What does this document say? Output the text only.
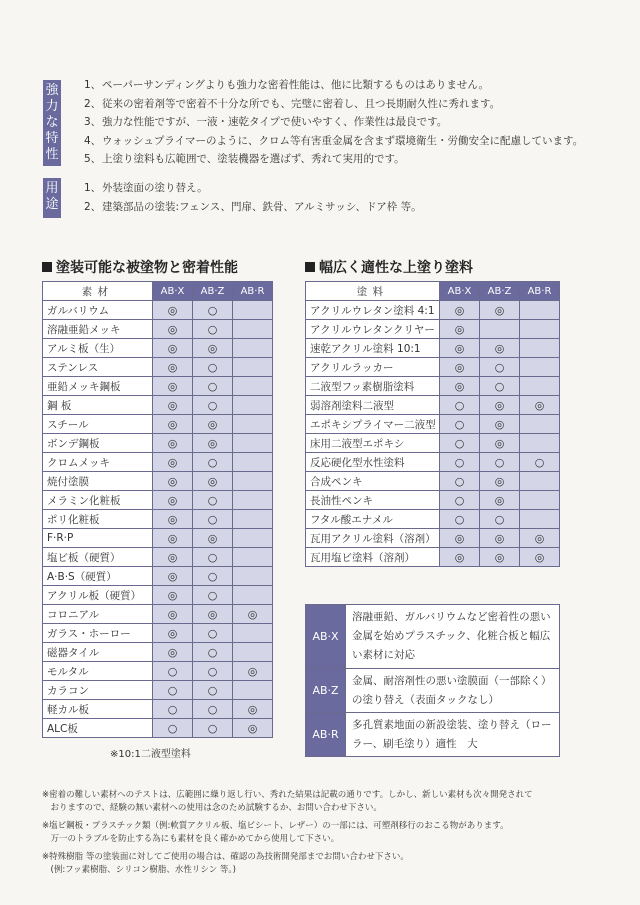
強力な特性
1、ペーパーサンディングよりも強力な密着性能は、他に比類するものはありません。
2、従来の密着剤等で密着不十分な所でも、完璧に密着し、且つ長期耐久性に秀れます。
3、強力な性能ですが、一液・速乾タイプで使いやすく、作業性は最良です。
4、ウォッシュプライマーのように、クロム等有害重金属を含まず環境衛生・労働安全に配慮しています。
5、上塗り塗料も広範囲で、塗装機器を選ばず、秀れて実用的です。
用途
1、外装塗面の塗り替え。
2、建築部品の塗装:フェンス、門扉、鉄骨、アルミサッシ、ドア枠 等。
塗装可能な被塗物と密着性能	幅広く適性な上塗り塗料
素材	AB·X	AB·Z	AB·R
ガルバリウム	◎	○	
溶融亜鉛メッキ	◎	○	
アルミ板（生）	◎	◎	
ステンレス	◎	○	
亜鉛メッキ鋼板	◎	○	
鋼 板	◎	○	
スチール	◎	◎	
ボンデ鋼板	◎	◎	
クロムメッキ	◎	○	
焼付塗膜	◎	◎	
メラミン化粧板	◎	○	
ポリ化粧板	◎	○	
F·R·P	◎	◎	
塩ビ板（硬質）	◎	○	
A·B·S（硬質）	◎	○	
アクリル板（硬質）	◎	○	
コロニアル	◎	◎	◎
ガラス・ホーロー	◎	○	
磁器タイル	◎	○	
モルタル	○	○	◎
カラコン	○	○	
軽カル板	○	○	◎
ALC板	○	○	◎
※10:1二液型塗料
塗料	AB·X	AB·Z	AB·R
アクリルウレタン塗料 4:1	◎	◎	
アクリルウレタンクリヤー	◎		
速乾アクリル塗料 10:1	◎	◎	
アクリルラッカー	◎	○	
二液型フッ素樹脂塗料	◎	○	
弱溶剤塗料二液型	○	◎	◎
エポキシプライマー二液型	○	◎	
床用二液型エポキシ	○	◎	
反応硬化型水性塗料	○	○	○
合成ペンキ	○	◎	
長油性ペンキ	○	◎	
フタル酸エナメル	○	○	
瓦用アクリル塗料（溶剤）	◎	◎	◎
瓦用塩ビ塗料（溶剤）	◎	◎	◎
AB·X	溶融亜鉛、ガルバリウムなど密着性の悪い金属を始めプラスチック、化粧合板と幅広い素材に対応
AB·Z	金属、耐溶剤性の悪い塗膜面（一部除く）の塗り替え（表面タックなし）
AB·R	多孔質素地面の新設塗装、塗り替え（ローラー、刷毛塗り）適性　大
※密着の難しい素材へのテストは、広範囲に繰り返し行い、秀れた結果は記載の通りです。しかし、新しい素材も次々開発されて
　おりますので、経験の無い素材への使用は念のため試験するか、お問い合わせ下さい。
※塩ビ鋼板・プラスチック類（例:軟質アクリル板、塩ビシート、レザー）の一部には、可塑剤移行のおこる物があります。
　万一のトラブルを防止する為にも素材を良く確かめてから使用して下さい。
※特殊樹脂 等の塗装面に対してご使用の場合は、確認の為技術開発部までお問い合わせ下さい。
　(例:フッ素樹脂、シリコン樹脂、水性リシン 等。)
